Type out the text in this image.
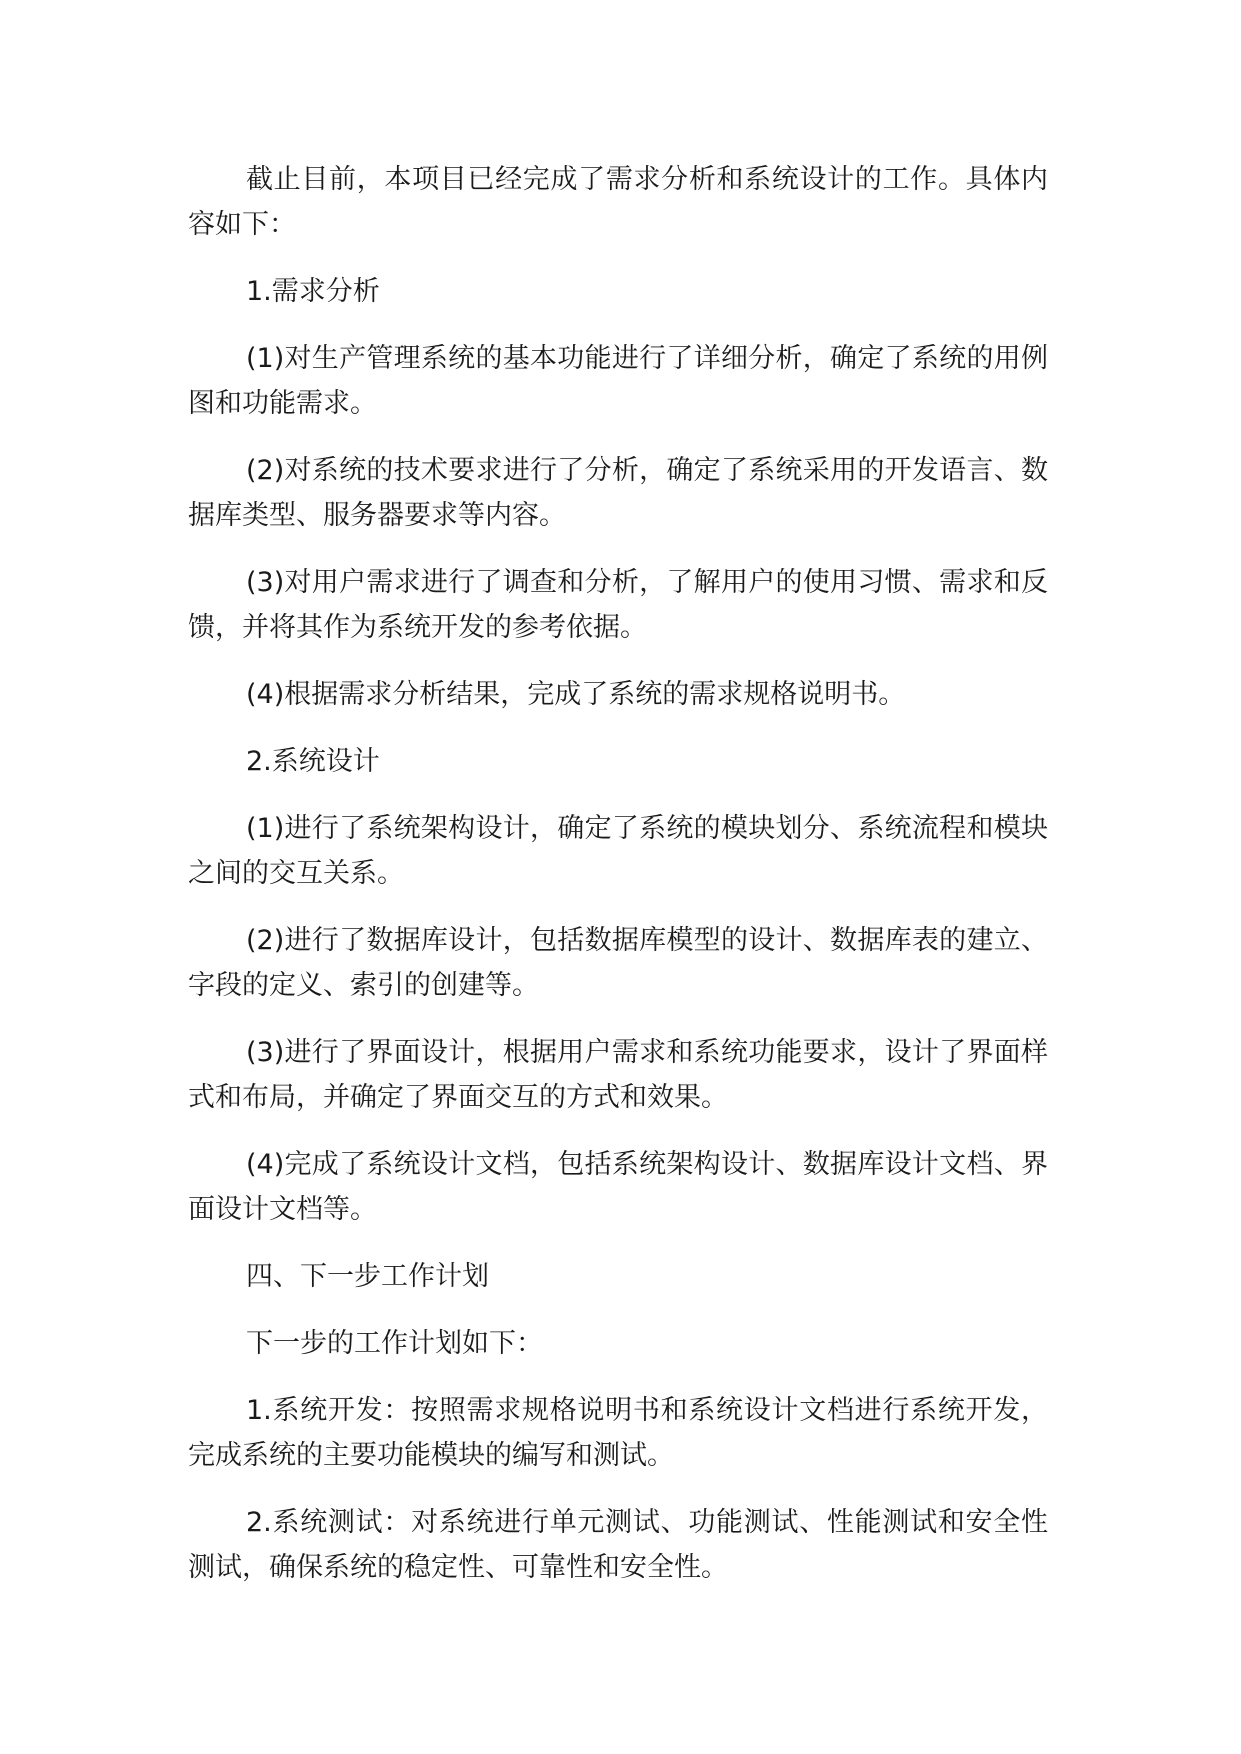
截止目前，本项目已经完成了需求分析和系统设计的工作。具体内容如下：

1.需求分析

(1)对生产管理系统的基本功能进行了详细分析，确定了系统的用例图和功能需求。

(2)对系统的技术要求进行了分析，确定了系统采用的开发语言、数据库类型、服务器要求等内容。

(3)对用户需求进行了调查和分析，了解用户的使用习惯、需求和反馈，并将其作为系统开发的参考依据。

(4)根据需求分析结果，完成了系统的需求规格说明书。

2.系统设计

(1)进行了系统架构设计，确定了系统的模块划分、系统流程和模块之间的交互关系。

(2)进行了数据库设计，包括数据库模型的设计、数据库表的建立、字段的定义、索引的创建等。

(3)进行了界面设计，根据用户需求和系统功能要求，设计了界面样式和布局，并确定了界面交互的方式和效果。

(4)完成了系统设计文档，包括系统架构设计、数据库设计文档、界面设计文档等。

四、下一步工作计划

下一步的工作计划如下：

1.系统开发：按照需求规格说明书和系统设计文档进行系统开发，完成系统的主要功能模块的编写和测试。

2.系统测试：对系统进行单元测试、功能测试、性能测试和安全性测试，确保系统的稳定性、可靠性和安全性。
